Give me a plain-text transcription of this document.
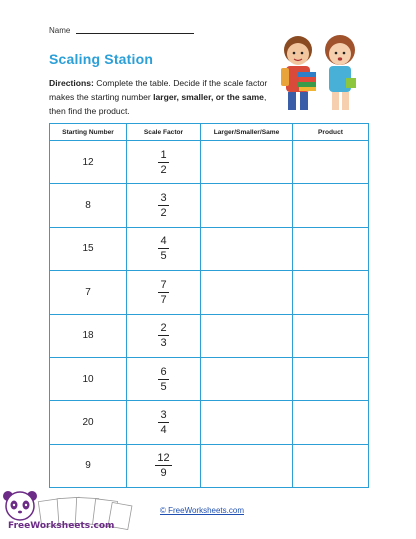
Name
Scaling Station
Directions: Complete the table. Decide if the scale factor makes the starting number larger, smaller, or the same, then find the product.
Starting Number	Scale Factor	Larger/Smaller/Same	Product
12	$\frac{1}{2}$

8	$\frac{3}{2}$

15	$\frac{4}{5}$

7	$\frac{7}{7}$

18	$\frac{2}{3}$

10	$\frac{6}{5}$

20	$\frac{3}{4}$

9	$\frac{12}{9}$

FreeWorksheets.com
© FreeWorksheets.com
